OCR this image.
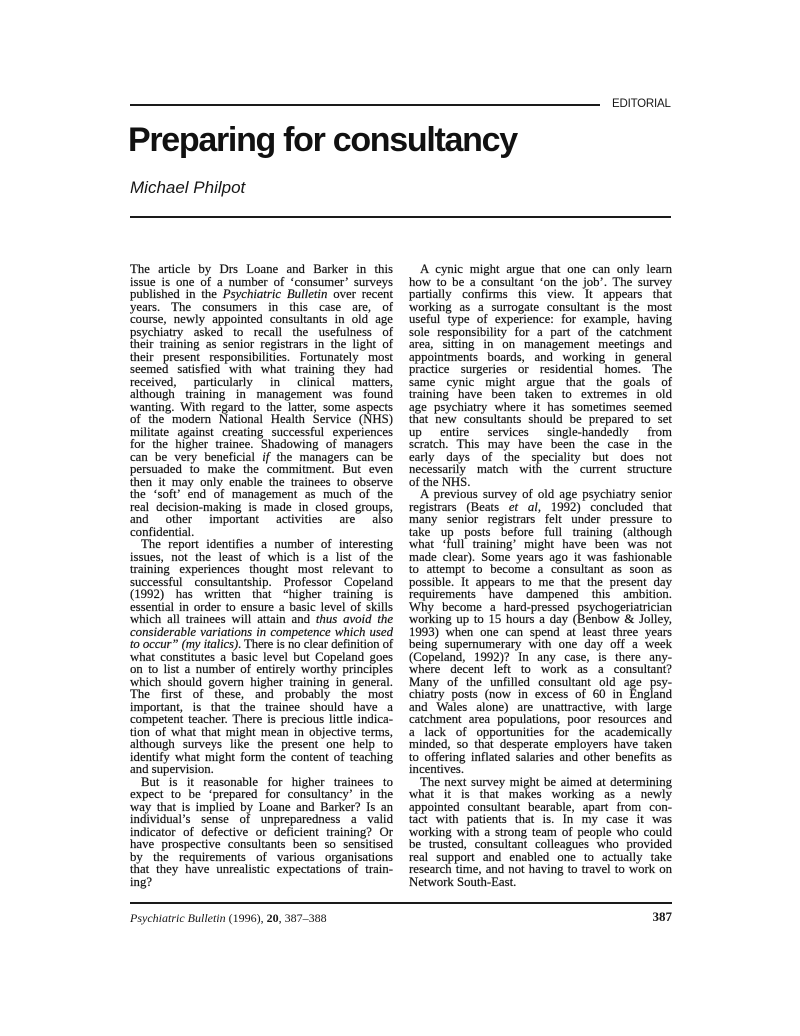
EDITORIAL
Preparing for consultancy
Michael Philpot
The article by Drs Loane and Barker in this
issue is one of a number of ‘consumer’ surveys
published in the Psychiatric Bulletin over recent
years. The consumers in this case are, of
course, newly appointed consultants in old age
psychiatry asked to recall the usefulness of
their training as senior registrars in the light of
their present responsibilities. Fortunately most
seemed satisfied with what training they had
received, particularly in clinical matters,
although training in management was found
wanting. With regard to the latter, some aspects
of the modern National Health Service (NHS)
militate against creating successful experiences
for the higher trainee. Shadowing of managers
can be very beneficial if the managers can be
persuaded to make the commitment. But even
then it may only enable the trainees to observe
the ‘soft’ end of management as much of the
real decision-making is made in closed groups,
and other important activities are also
confidential.
The report identifies a number of interesting
issues, not the least of which is a list of the
training experiences thought most relevant to
successful consultantship. Professor Copeland
(1992) has written that “higher training is
essential in order to ensure a basic level of skills
which all trainees will attain and thus avoid the
considerable variations in competence which used
to occur” (my italics). There is no clear definition of
what constitutes a basic level but Copeland goes
on to list a number of entirely worthy principles
which should govern higher training in general.
The first of these, and probably the most
important, is that the trainee should have a
competent teacher. There is precious little indica-
tion of what that might mean in objective terms,
although surveys like the present one help to
identify what might form the content of teaching
and supervision.
But is it reasonable for higher trainees to
expect to be ‘prepared for consultancy’ in the
way that is implied by Loane and Barker? Is an
individual’s sense of unpreparedness a valid
indicator of defective or deficient training? Or
have prospective consultants been so sensitised
by the requirements of various organisations
that they have unrealistic expectations of train-
ing?
A cynic might argue that one can only learn
how to be a consultant ‘on the job’. The survey
partially confirms this view. It appears that
working as a surrogate consultant is the most
useful type of experience: for example, having
sole responsibility for a part of the catchment
area, sitting in on management meetings and
appointments boards, and working in general
practice surgeries or residential homes. The
same cynic might argue that the goals of
training have been taken to extremes in old
age psychiatry where it has sometimes seemed
that new consultants should be prepared to set
up entire services single-handedly from
scratch. This may have been the case in the
early days of the speciality but does not
necessarily match with the current structure
of the NHS.
A previous survey of old age psychiatry senior
registrars (Beats et al, 1992) concluded that
many senior registrars felt under pressure to
take up posts before full training (although
what ‘full training’ might have been was not
made clear). Some years ago it was fashionable
to attempt to become a consultant as soon as
possible. It appears to me that the present day
requirements have dampened this ambition.
Why become a hard-pressed psychogeriatrician
working up to 15 hours a day (Benbow & Jolley,
1993) when one can spend at least three years
being supernumerary with one day off a week
(Copeland, 1992)? In any case, is there any-
where decent left to work as a consultant?
Many of the unfilled consultant old age psy-
chiatry posts (now in excess of 60 in England
and Wales alone) are unattractive, with large
catchment area populations, poor resources and
a lack of opportunities for the academically
minded, so that desperate employers have taken
to offering inflated salaries and other benefits as
incentives.
The next survey might be aimed at determining
what it is that makes working as a newly
appointed consultant bearable, apart from con-
tact with patients that is. In my case it was
working with a strong team of people who could
be trusted, consultant colleagues who provided
real support and enabled one to actually take
research time, and not having to travel to work on
Network South-East.
Psychiatric Bulletin (1996), 20, 387–388	387
